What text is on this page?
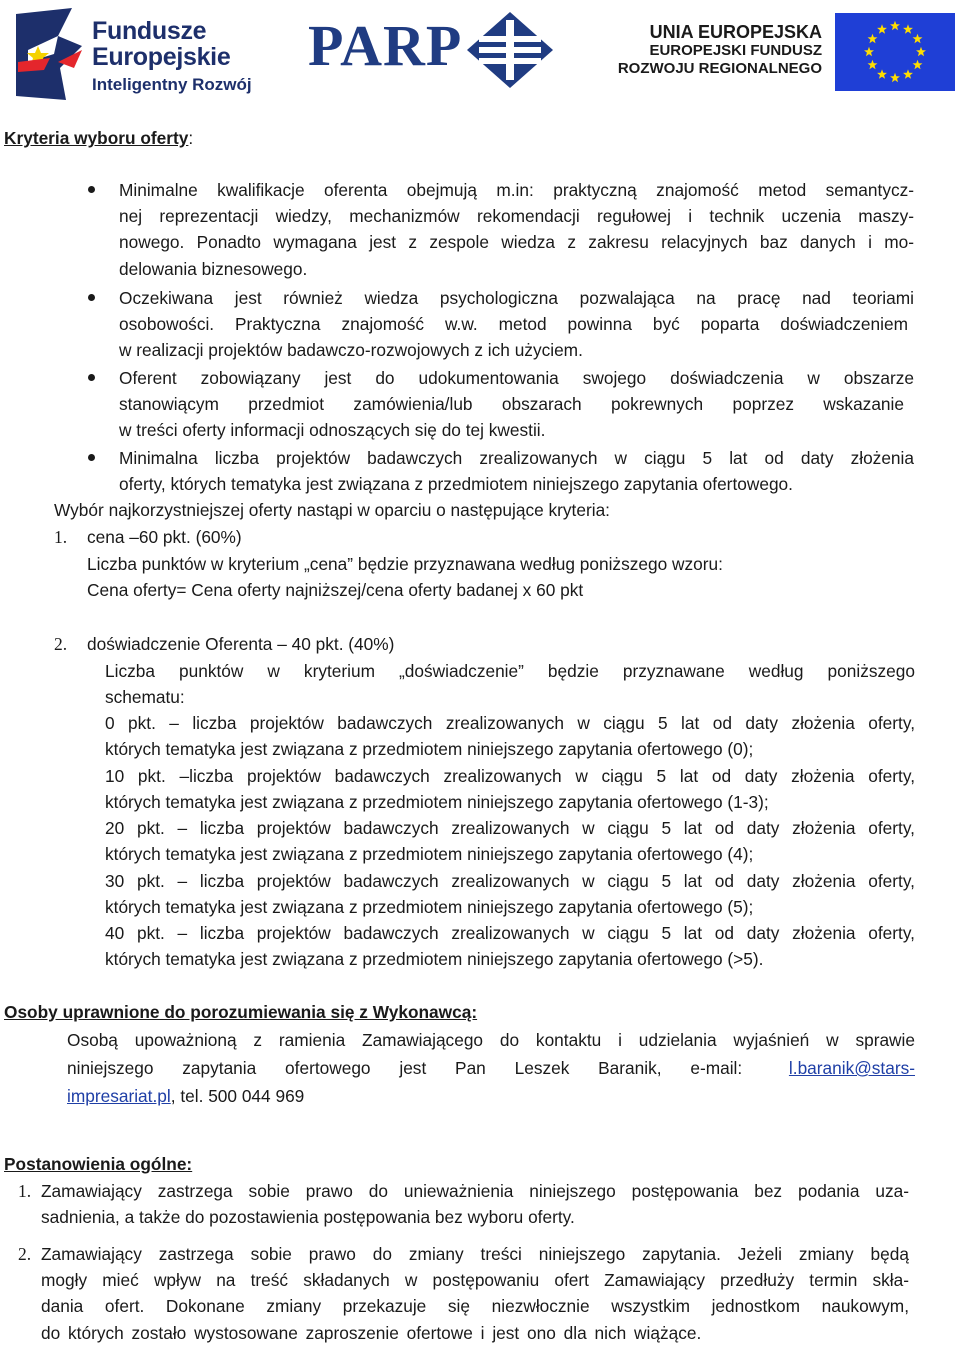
Fundusze
Europejskie
Inteligentny Rozwój
PARP	UNIA EUROPEJSKA
EUROPEJSKI FUNDUSZ
ROZWOJU REGIONALNEGO
Kryteria wyboru oferty:
Minimalne kwalifikacje oferenta obejmują m.in: praktyczną znajomość metod semantycz-
nej reprezentacji wiedzy, mechanizmów rekomendacji regułowej i technik uczenia maszy-
nowego. Ponadto wymagana jest z zespole wiedza z zakresu relacyjnych baz danych i mo-
delowania biznesowego.
Oczekiwana jest również wiedza psychologiczna pozwalająca na pracę nad teoriami
osobowości. Praktyczna znajomość w.w. metod powinna być poparta doświadczeniem
w realizacji projektów badawczo-rozwojowych z ich użyciem.
Oferent zobowiązany jest do udokumentowania swojego doświadczenia w obszarze
stanowiącym przedmiot zamówienia/lub obszarach pokrewnych poprzez wskazanie
w treści oferty informacji odnoszących się do tej kwestii.
Minimalna liczba projektów badawczych zrealizowanych w ciągu 5 lat od daty złożenia
oferty, których tematyka jest związana z przedmiotem niniejszego zapytania ofertowego.
Wybór najkorzystniejszej oferty nastąpi w oparciu o następujące kryteria:
1. cena –60 pkt. (60%)
Liczba punktów w kryterium „cena” będzie przyznawana według poniższego wzoru:
Cena oferty= Cena oferty najniższej/cena oferty badanej x 60 pkt
2. doświadczenie Oferenta – 40 pkt. (40%)
Liczba punktów w kryterium „doświadczenie” będzie przyznawane według poniższego
schematu:
0 pkt. – liczba projektów badawczych zrealizowanych w ciągu 5 lat od daty złożenia oferty,
których tematyka jest związana z przedmiotem niniejszego zapytania ofertowego (0);
10 pkt. –liczba projektów badawczych zrealizowanych w ciągu 5 lat od daty złożenia oferty,
których tematyka jest związana z przedmiotem niniejszego zapytania ofertowego (1-3);
20 pkt. – liczba projektów badawczych zrealizowanych w ciągu 5 lat od daty złożenia oferty,
których tematyka jest związana z przedmiotem niniejszego zapytania ofertowego (4);
30 pkt. – liczba projektów badawczych zrealizowanych w ciągu 5 lat od daty złożenia oferty,
których tematyka jest związana z przedmiotem niniejszego zapytania ofertowego (5);
40 pkt. – liczba projektów badawczych zrealizowanych w ciągu 5 lat od daty złożenia oferty,
których tematyka jest związana z przedmiotem niniejszego zapytania ofertowego (>5).
Osoby uprawnione do porozumiewania się z Wykonawcą:
Osobą upoważnioną z ramienia Zamawiającego do kontaktu i udzielania wyjaśnień w sprawie
niniejszego zapytania ofertowego jest Pan Leszek Baranik, e-mail:	l.baranik@stars-
impresariat.pl, tel. 500 044 969
Postanowienia ogólne:
1. Zamawiający zastrzega sobie prawo do unieważnienia niniejszego postępowania bez podania uza-
sadnienia, a także do pozostawienia postępowania bez wyboru oferty.
2. Zamawiający zastrzega sobie prawo do zmiany treści niniejszego zapytania. Jeżeli zmiany będą
mogły mieć wpływ na treść składanych w postępowaniu ofert Zamawiający przedłuży termin skła-
dania ofert. Dokonane zmiany przekazuje się niezwłocznie wszystkim jednostkom naukowym,
do których zostało wystosowane zaproszenie ofertowe i jest ono dla nich wiążące.
